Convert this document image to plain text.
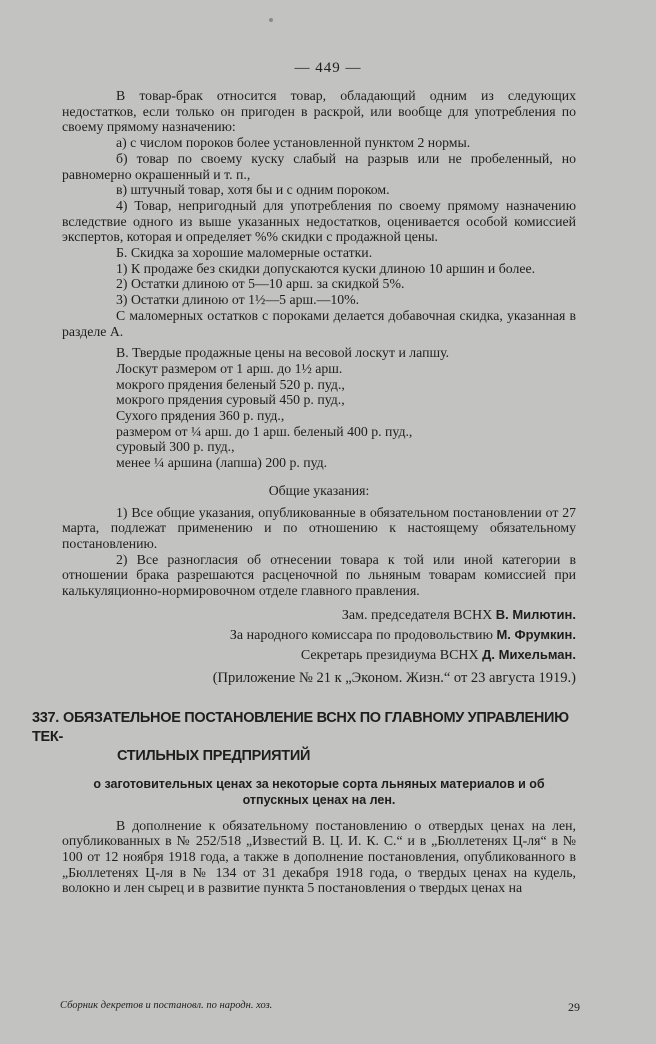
— 449 —

В товар-брак относится товар, обладающий одним из следующих недостатков, если только он пригоден в раскрой, или вообще для употребления по своему прямому назначению:

а) с числом пороков более установленной пунктом 2 нормы.

б) товар по своему куску слабый на разрыв или не пробеленный, но равномерно окрашенный и т. п.,

в) штучный товар, хотя бы и с одним пороком.

4) Товар, непригодный для употребления по своему прямому назначению вследствие одного из выше указанных недостатков, оценивается особой комиссией экспертов, которая и определяет %% скидки с продажной цены.

Б. Скидка за хорошие маломерные остатки.

1) К продаже без скидки допускаются куски длиною 10 аршин и более.

2) Остатки длиною от 5—10 арш. за скидкой 5%.

3) Остатки длиною от 1½—5 арш.—10%.

С маломерных остатков с пороками делается добавочная скидка, указанная в разделе А.

В. Твердые продажные цены на весовой лоскут и лапшу.

Лоскут размером от 1 арш. до 1½ арш.

мокрого прядения беленый 520 р. пуд.,

мокрого прядения суровый 450 р. пуд.,

Сухого прядения 360 р. пуд.,

размером от ¼ арш. до 1 арш. беленый 400 р. пуд.,

суровый 300 р. пуд.,

менее ¼ аршина (лапша) 200 р. пуд.

Общие указания:

1) Все общие указания, опубликованные в обязательном постановлении от 27 марта, подлежат применению и по отношению к настоящему обязательному постановлению.

2) Все разногласия об отнесении товара к той или иной категории в отношении брака разрешаются расценочной по льняным товарам комиссией при калькуляционно-нормировочном отделе главного правления.

Зам. председателя ВСНХ В. Милютин.
За народного комиссара по продовольствию М. Фрумкин.
Секретарь президиума ВСНХ Д. Михельман.

(Приложение № 21 к „Эконом. Жизн.“ от 23 августа 1919.)

337. ОБЯЗАТЕЛЬНОЕ ПОСТАНОВЛЕНИЕ ВСНХ ПО ГЛАВНОМУ УПРАВЛЕНИЮ ТЕК-
СТИЛЬНЫХ ПРЕДПРИЯТИЙ

о заготовительных ценах за некоторые сорта льняных материалов и об отпускных ценах на лен.

В дополнение к обязательному постановлению о отвердых ценах на лен, опубликованных в № 252/518 „Известий В. Ц. И. К. С.“ и в „Бюллетенях Ц-ля“ в № 100 от 12 ноября 1918 года, а также в дополнение постановления, опубликованного в „Бюллетенях Ц-ля в № 134 от 31 декабря 1918 года, о твердых ценах на кудель, волокно и лен сырец и в развитие пункта 5 постановления о твердых ценах на

Сборник декретов и постановл. по народн. хоз.	29
